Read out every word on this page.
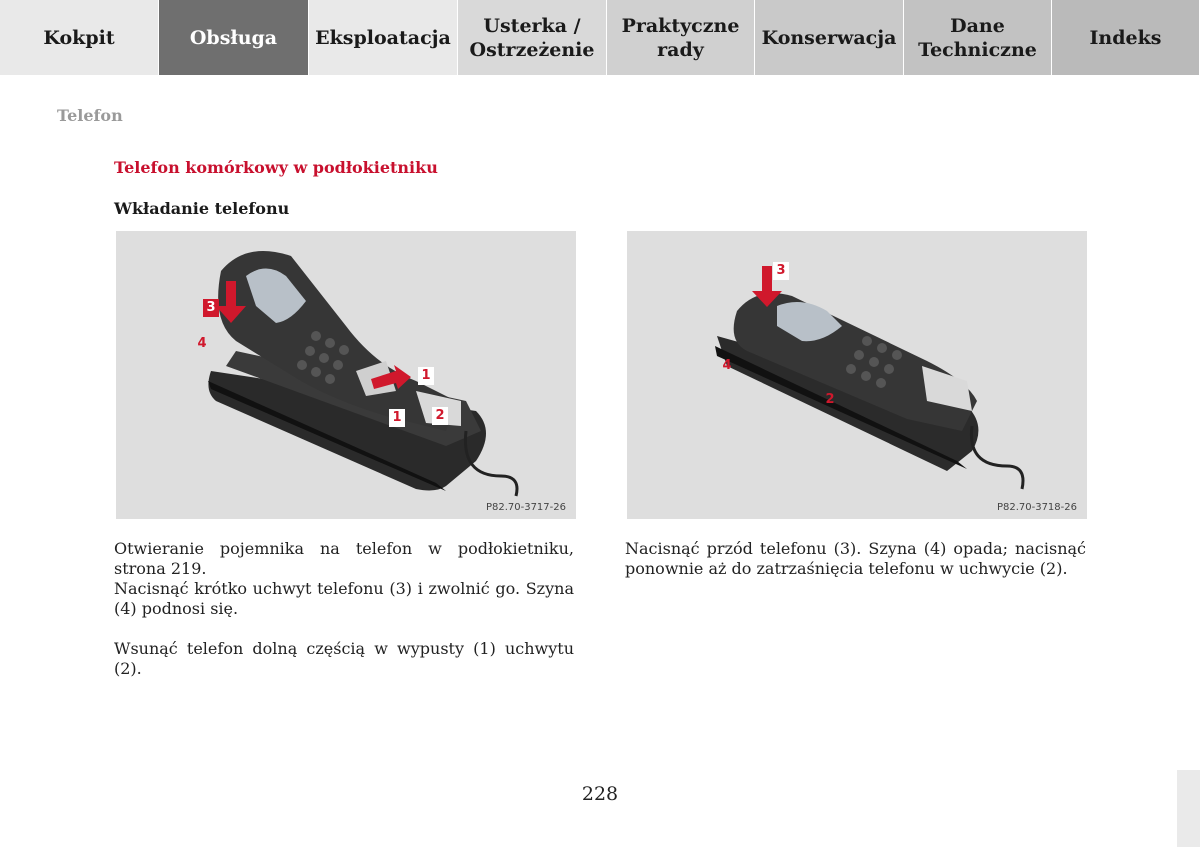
Kokpit	Obsługa	Eksploatacja
Usterka /
Ostrzeżenie
Praktyczne
rady
Konserwacja
Dane
Techniczne
Indeks
Telefon
Telefon komórkowy w podłokietniku
Wkładanie telefonu
3
4
1
2
1
P82.70-3717-26
3
4
2
P82.70-3718-26
Otwieranie pojemnika na telefon w podłokietniku, strona 219.
Nacisnąć krótko uchwyt telefonu (3) i zwolnić go. Szyna (4) podnosi się.
Wsunąć telefon dolną częścią w wypusty (1) uchwytu (2).
Nacisnąć przód telefonu (3). Szyna (4) opada; nacisnąć ponownie aż do zatrzaśnięcia telefonu w uchwycie (2).
228
